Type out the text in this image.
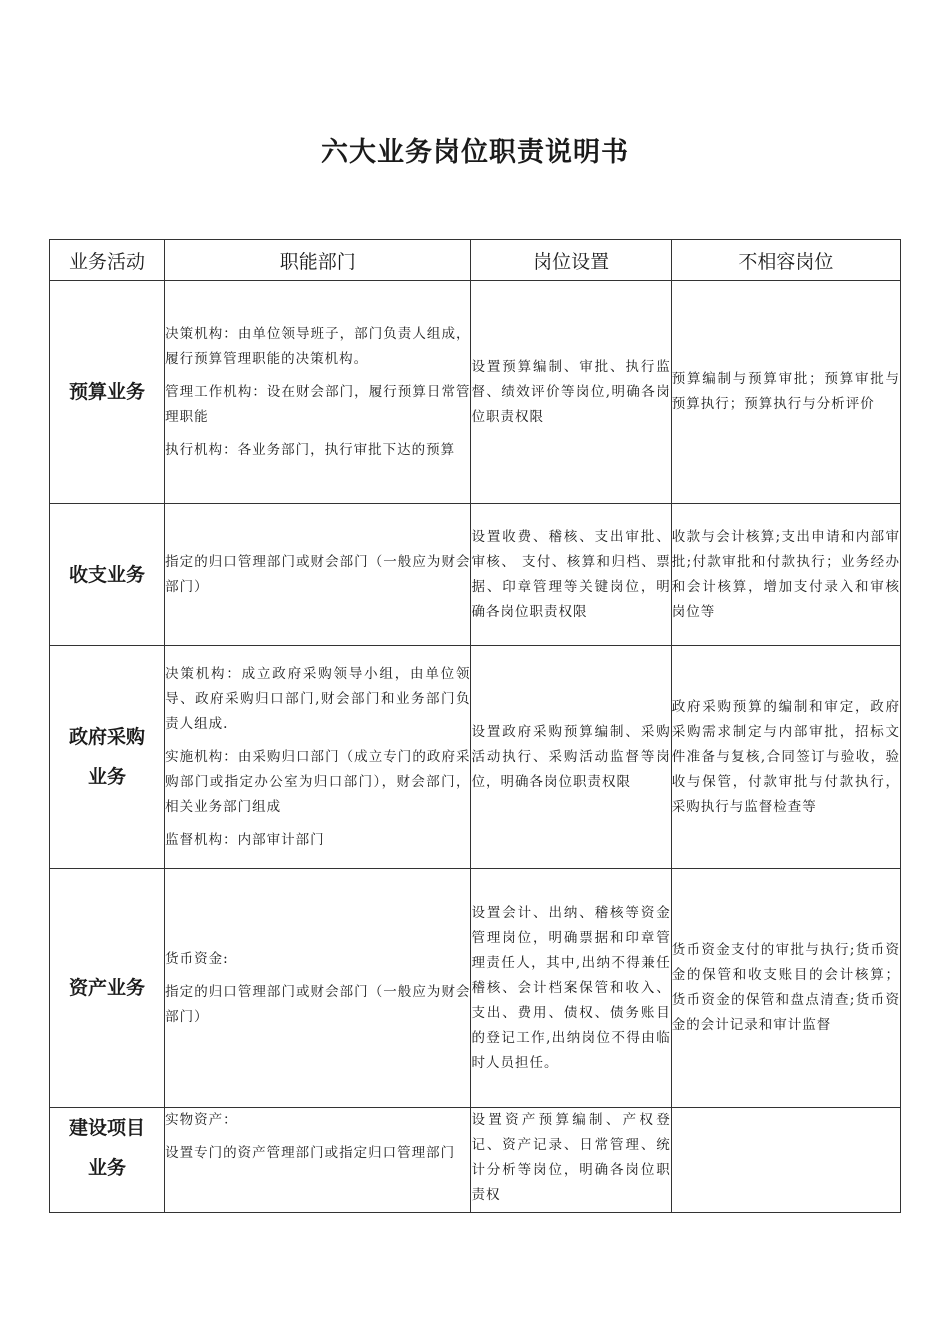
六大业务岗位职责说明书
业务活动	职能部门	岗位设置	不相容岗位
预算业务	决策机构：由单位领导班子，部门负责人组成，履行预算管理职能的决策机构。

管理工作机构：设在财会部门，履行预算日常管理职能

执行机构：各业务部门，执行审批下达的预算	设置预算编制、审批、执行监督、绩效评价等岗位,明确各岗位职责权限	预算编制与预算审批；预算审批与预算执行；预算执行与分析评价
收支业务	指定的归口管理部门或财会部门（一般应为财会部门）	设置收费、稽核、支出审批、审核、 支付、核算和归档、票据、印章管理等关键岗位，明确各岗位职责权限	收款与会计核算;支出申请和内部审批;付款审批和付款执行；业务经办和会计核算，增加支付录入和审核岗位等

政府采购业务	决策机构：成立政府采购领导小组，由单位领导、政府采购归口部门,财会部门和业务部门负责人组成.

实施机构：由采购归口部门（成立专门的政府采购部门或指定办公室为归口部门），财会部门，相关业务部门组成

监督机构：内部审计部门	设置政府采购预算编制、采购活动执行、采购活动监督等岗位，明确各岗位职责权限	政府采购预算的编制和审定，政府采购需求制定与内部审批，招标文件准备与复核,合同签订与验收，验收与保管，付款审批与付款执行，采购执行与监督检查等
资产业务	货币资金:

指定的归口管理部门或财会部门（一般应为财会部门）	设置会计、出纳、稽核等资金管理岗位，明确票据和印章管理责任人，其中,出纳不得兼任稽核、会计档案保管和收入、支出、费用、债权、债务账目的登记工作,出纳岗位不得由临时人员担任。	货币资金支付的审批与执行;货币资金的保管和收支账目的会计核算；货币资金的保管和盘点清查;货币资金的会计记录和审计监督

建设项目业务	实物资产：

设置专门的资产管理部门或指定归口管理部门	设置资产预算编制、产权登记、资产记录、日常管理、统计分析等岗位，明确各岗位职责权	
